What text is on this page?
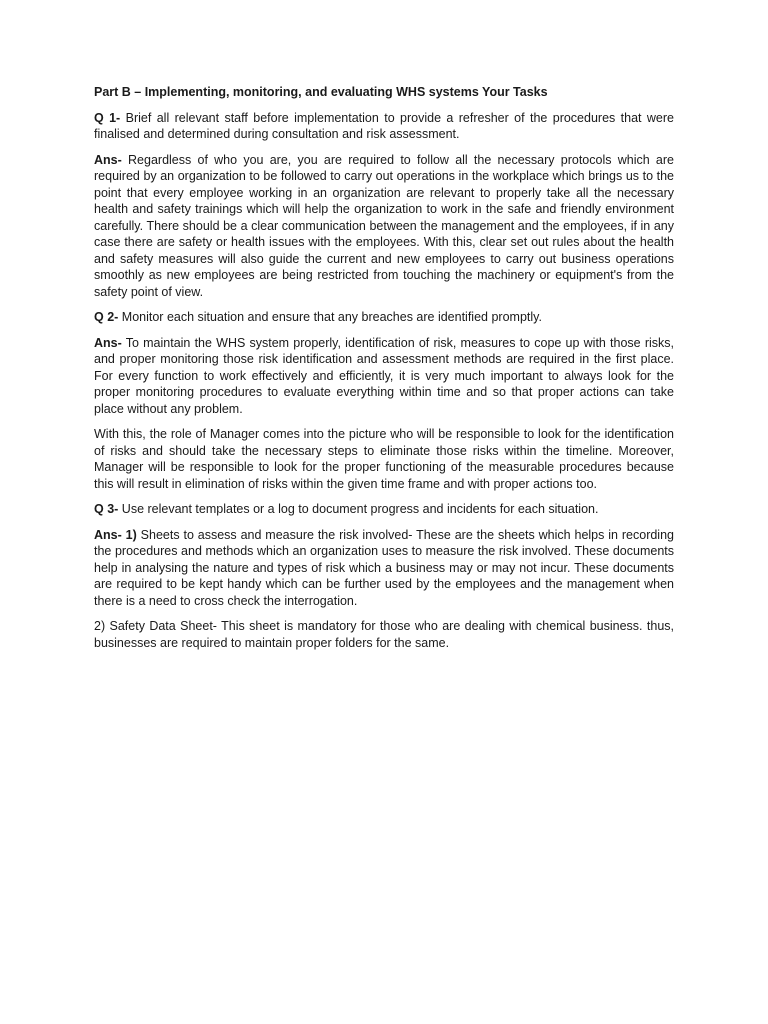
Part B – Implementing, monitoring, and evaluating WHS systems Your Tasks

Q 1- Brief all relevant staff before implementation to provide a refresher of the procedures that were finalised and determined during consultation and risk assessment.

Ans- Regardless of who you are, you are required to follow all the necessary protocols which are required by an organization to be followed to carry out operations in the workplace which brings us to the point that every employee working in an organization are relevant to properly take all the necessary health and safety trainings which will help the organization to work in the safe and friendly environment carefully. There should be a clear communication between the management and the employees, if in any case there are safety or health issues with the employees. With this, clear set out rules about the health and safety measures will also guide the current and new employees to carry out business operations smoothly as new employees are being restricted from touching the machinery or equipment's from the safety point of view.

Q 2- Monitor each situation and ensure that any breaches are identified promptly.

Ans- To maintain the WHS system properly, identification of risk, measures to cope up with those risks, and proper monitoring those risk identification and assessment methods are required in the first place. For every function to work effectively and efficiently, it is very much important to always look for the proper monitoring procedures to evaluate everything within time and so that proper actions can take place without any problem.

With this, the role of Manager comes into the picture who will be responsible to look for the identification of risks and should take the necessary steps to eliminate those risks within the timeline. Moreover, Manager will be responsible to look for the proper functioning of the measurable procedures because this will result in elimination of risks within the given time frame and with proper actions too.

Q 3- Use relevant templates or a log to document progress and incidents for each situation.

Ans- 1) Sheets to assess and measure the risk involved- These are the sheets which helps in recording the procedures and methods which an organization uses to measure the risk involved. These documents help in analysing the nature and types of risk which a business may or may not incur. These documents are required to be kept handy which can be further used by the employees and the management when there is a need to cross check the interrogation.

2) Safety Data Sheet- This sheet is mandatory for those who are dealing with chemical business. thus, businesses are required to maintain proper folders for the same.
